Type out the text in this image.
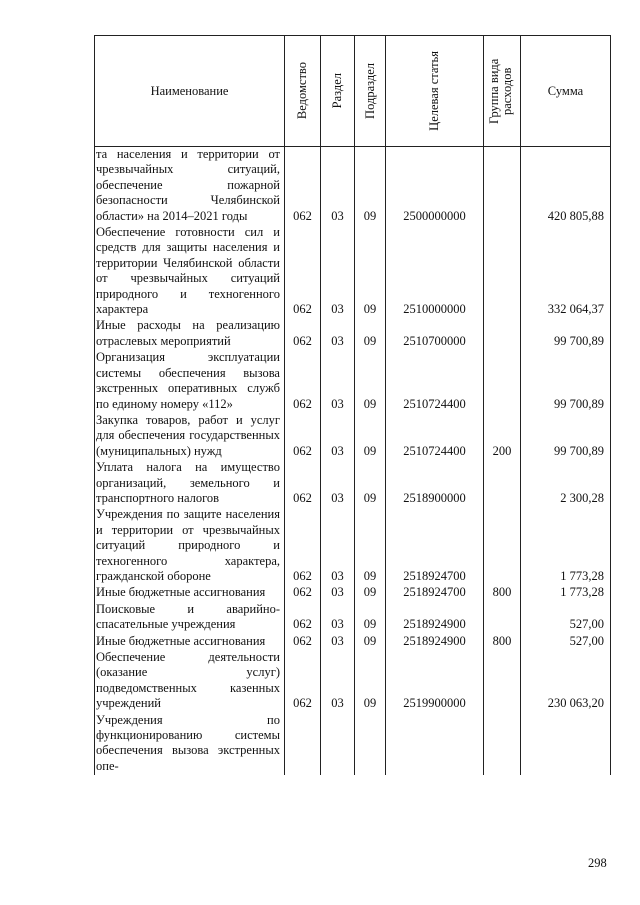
Наименование	Ведомство	Раздел	Подраздел	Целевая статья	Группа вида расходов	Сумма
та населения и территории от чрезвычайных ситуаций, обеспечение пожарной безопасности Челябинской области» на 2014–2021 годы	062	03	09	2500000000		420 805,88
Обеспечение готовности сил и средств для защиты населения и территории Челябинской области от чрезвычайных ситуаций природного и техногенного характера	062	03	09	2510000000		332 064,37
Иные расходы на реализацию отраслевых мероприятий	062	03	09	2510700000		99 700,89
Организация эксплуатации системы обеспечения вызова экстренных оперативных служб по единому номеру «112»	062	03	09	2510724400		99 700,89
Закупка товаров, работ и услуг для обеспечения государственных (муниципальных) нужд	062	03	09	2510724400	200	99 700,89
Уплата налога на имущество организаций, земельного и транспортного налогов	062	03	09	2518900000		2 300,28
Учреждения по защите населения и территории от чрезвычайных ситуаций природного и техногенного характера, гражданской обороне	062	03	09	2518924700		1 773,28
Иные бюджетные ассигнования	062	03	09	2518924700	800	1 773,28
Поисковые и аварийно-спасательные учреждения	062	03	09	2518924900		527,00
Иные бюджетные ассигнования	062	03	09	2518924900	800	527,00
Обеспечение деятельности (оказание услуг) подведомственных казенных учреждений	062	03	09	2519900000		230 063,20
Учреждения по функционированию системы обеспечения вызова экстренных опе-						
298
